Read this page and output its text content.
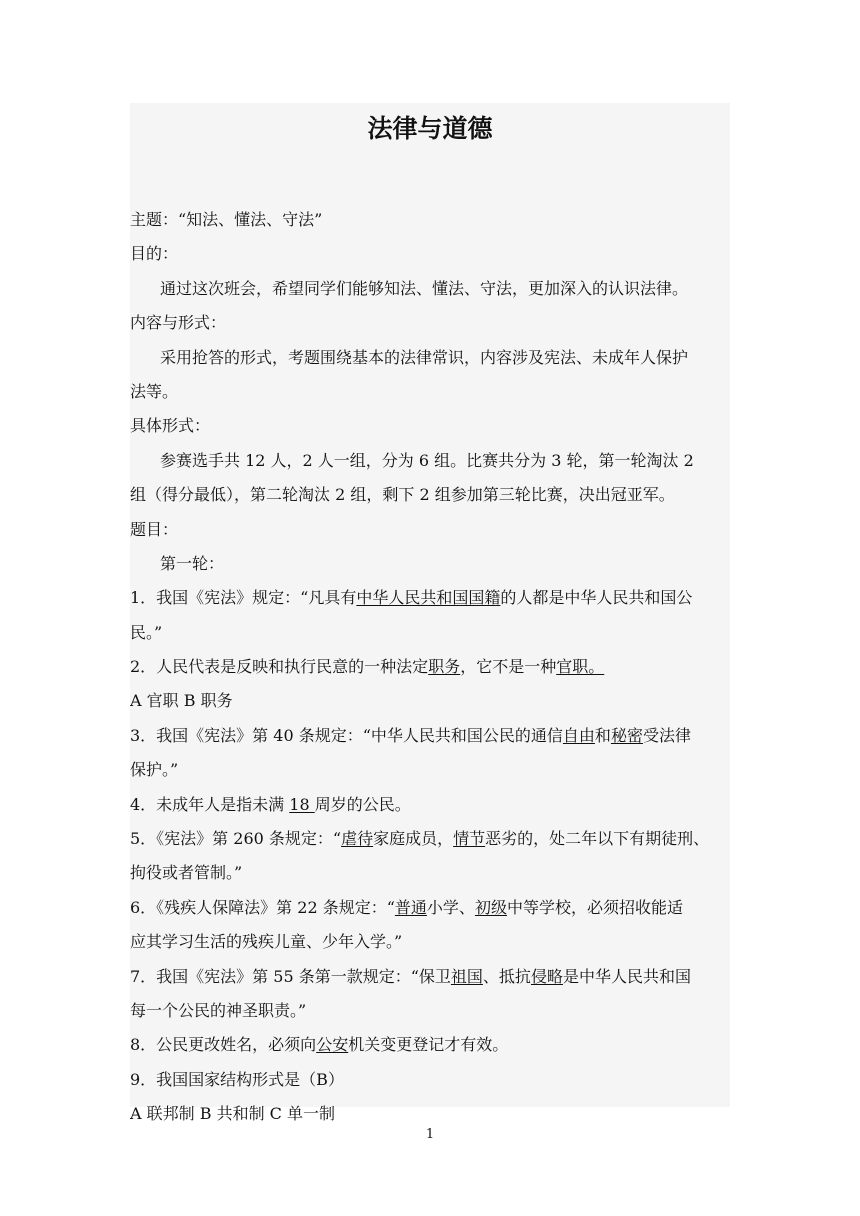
法律与道德
主题：“知法、懂法、守法”
目的：
通过这次班会，希望同学们能够知法、懂法、守法，更加深入的认识法律。
内容与形式：
采用抢答的形式，考题围绕基本的法律常识，内容涉及宪法、未成年人保护
法等。
具体形式：
参赛选手共 12 人，2 人一组，分为 6 组。比赛共分为 3 轮，第一轮淘汰 2
组（得分最低），第二轮淘汰 2 组，剩下 2 组参加第三轮比赛，决出冠亚军。
题目：
第一轮：
1．我国《宪法》规定：“凡具有中华人民共和国国籍的人都是中华人民共和国公
民。”
2．人民代表是反映和执行民意的一种法定职务，它不是一种官职。
A 官职 B 职务
3．我国《宪法》第 40 条规定：“中华人民共和国公民的通信自由和秘密受法律
保护。”
4．未成年人是指未满 18 周岁的公民。
5．《宪法》第 260 条规定：“虐待家庭成员，情节恶劣的，处二年以下有期徒刑、
拘役或者管制。”
6．《残疾人保障法》第 22 条规定：“普通小学、初级中等学校，必须招收能适
应其学习生活的残疾儿童、少年入学。”
7．我国《宪法》第 55 条第一款规定：“保卫祖国、抵抗侵略是中华人民共和国
每一个公民的神圣职责。”
8．公民更改姓名，必须向公安机关变更登记才有效。
9．我国国家结构形式是（B）
A 联邦制 B 共和制 C 单一制
1
